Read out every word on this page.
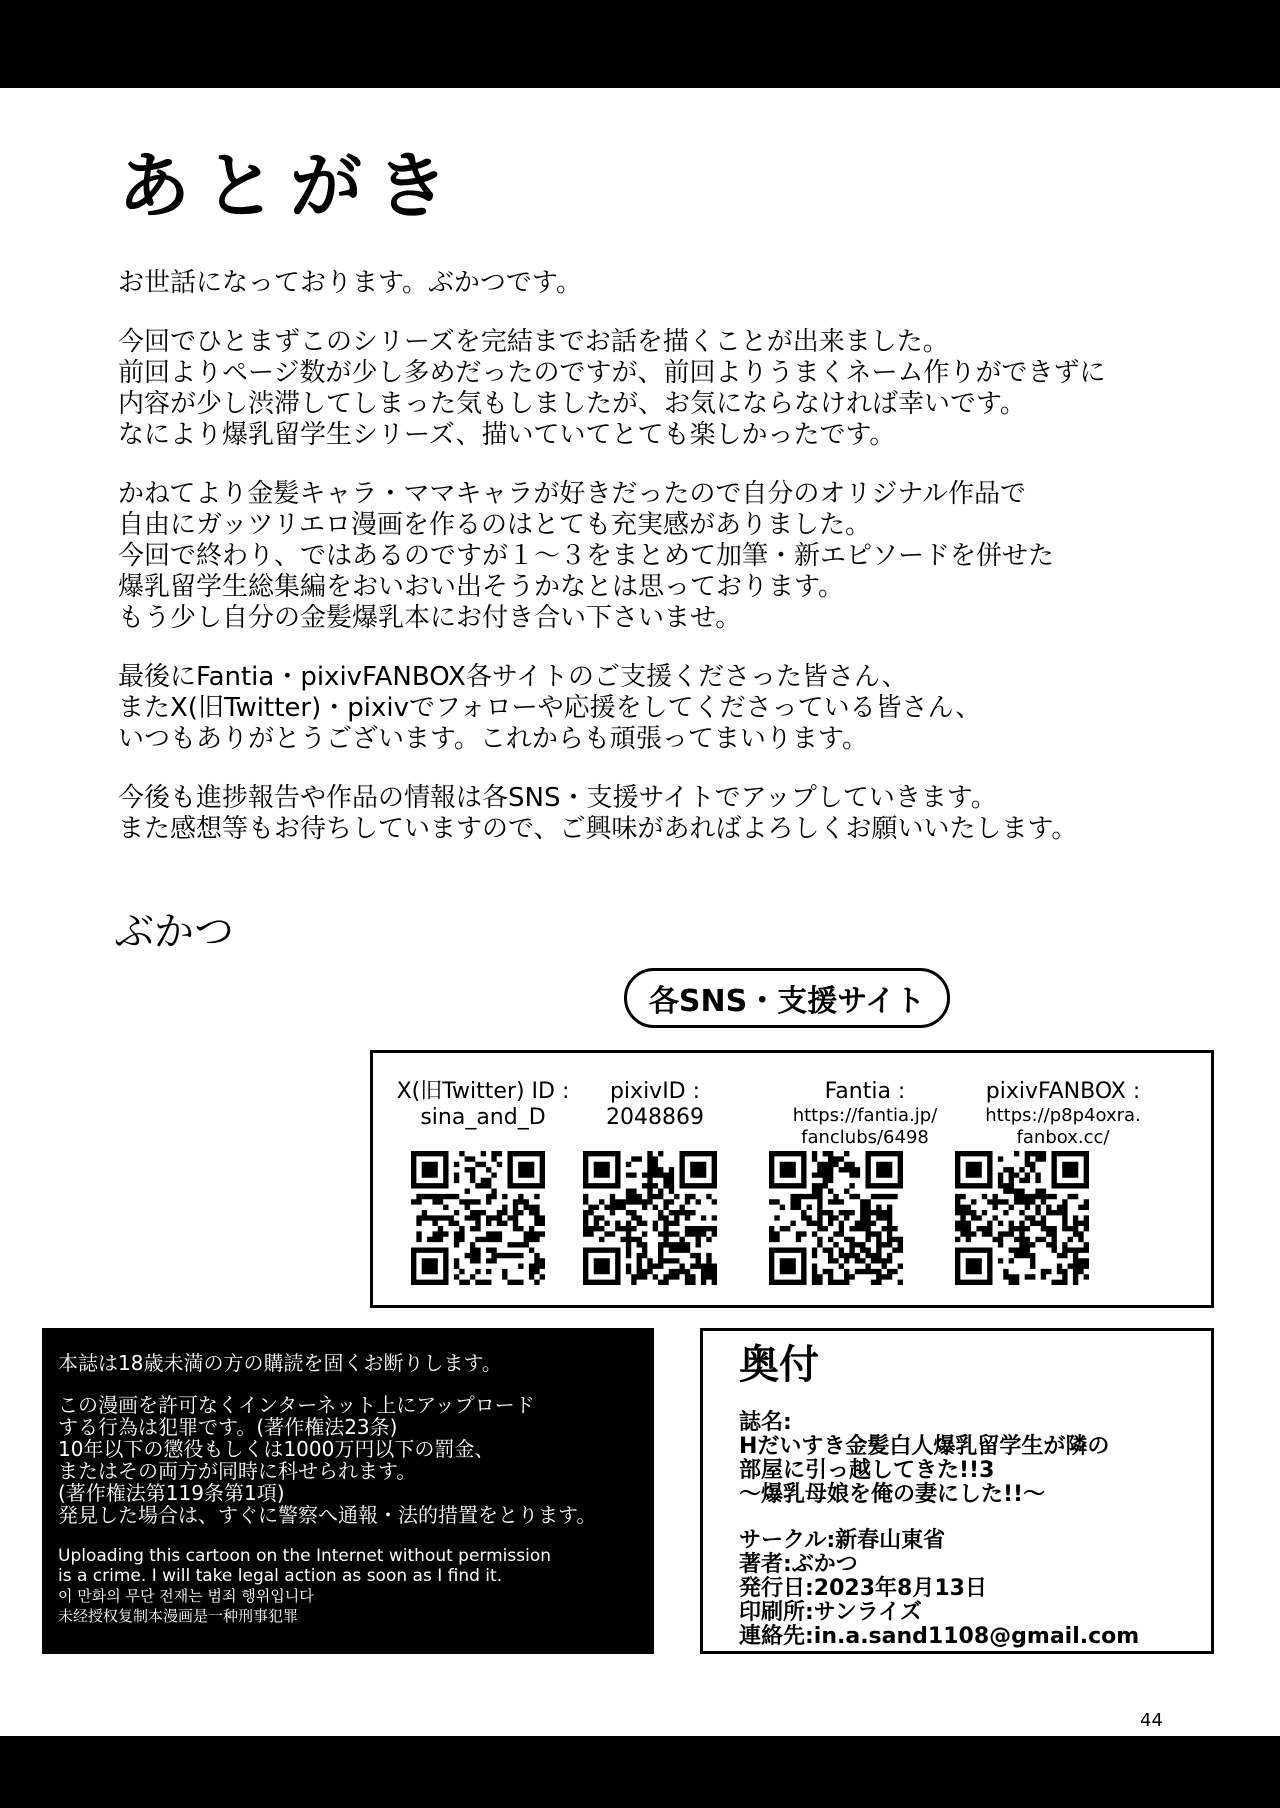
あとがき

お世話になっております。ぶかつです。

今回でひとまずこのシリーズを完結までお話を描くことが出来ました。
前回よりページ数が少し多めだったのですが、前回よりうまくネーム作りができずに
内容が少し渋滞してしまった気もしましたが、お気にならなければ幸いです。
なにより爆乳留学生シリーズ、描いていてとても楽しかったです。

かねてより金髪キャラ・ママキャラが好きだったので自分のオリジナル作品で
自由にガッツリエロ漫画を作るのはとても充実感がありました。
今回で終わり、ではあるのですが１～３をまとめて加筆・新エピソードを併せた
爆乳留学生総集編をおいおい出そうかなとは思っております。
もう少し自分の金髪爆乳本にお付き合い下さいませ。

最後にFantia・pixivFANBOX各サイトのご支援くださった皆さん、
またX(旧Twitter)・pixivでフォローや応援をしてくださっている皆さん、
いつもありがとうございます。これからも頑張ってまいります。

今後も進捗報告や作品の情報は各SNS・支援サイトでアップしていきます。
また感想等もお待ちしていますので、ご興味があればよろしくお願いいたします。

ぶかつ
各SNS・支援サイト
X(旧Twitter) ID :
sina_and_D
pixivID :
2048869
Fantia :
https://fantia.jp/
fanclubs/6498
pixivFANBOX :
https://p8p4oxra.
fanbox.cc/

本誌は18歳未満の方の購読を固くお断りします。

この漫画を許可なくインターネット上にアップロード
する行為は犯罪です。(著作権法23条)
10年以下の懲役もしくは1000万円以下の罰金、
またはその両方が同時に科せられます。
(著作権法第119条第1項)
発見した場合は、すぐに警察へ通報・法的措置をとります。

Uploading this cartoon on the Internet without permission
is a crime. I will take legal action as soon as I find it.

이 만화의 무단 전재는 범죄 행위입니다
未经授权复制本漫画是一种刑事犯罪
奥付
誌名:
Hだいすき金髪白人爆乳留学生が隣の
部屋に引っ越してきた!!3
～爆乳母娘を俺の妻にした!!～
サークル:新春山東省
著者:ぶかつ
発行日:2023年8月13日
印刷所:サンライズ
連絡先:in.a.sand1108@gmail.com
44
